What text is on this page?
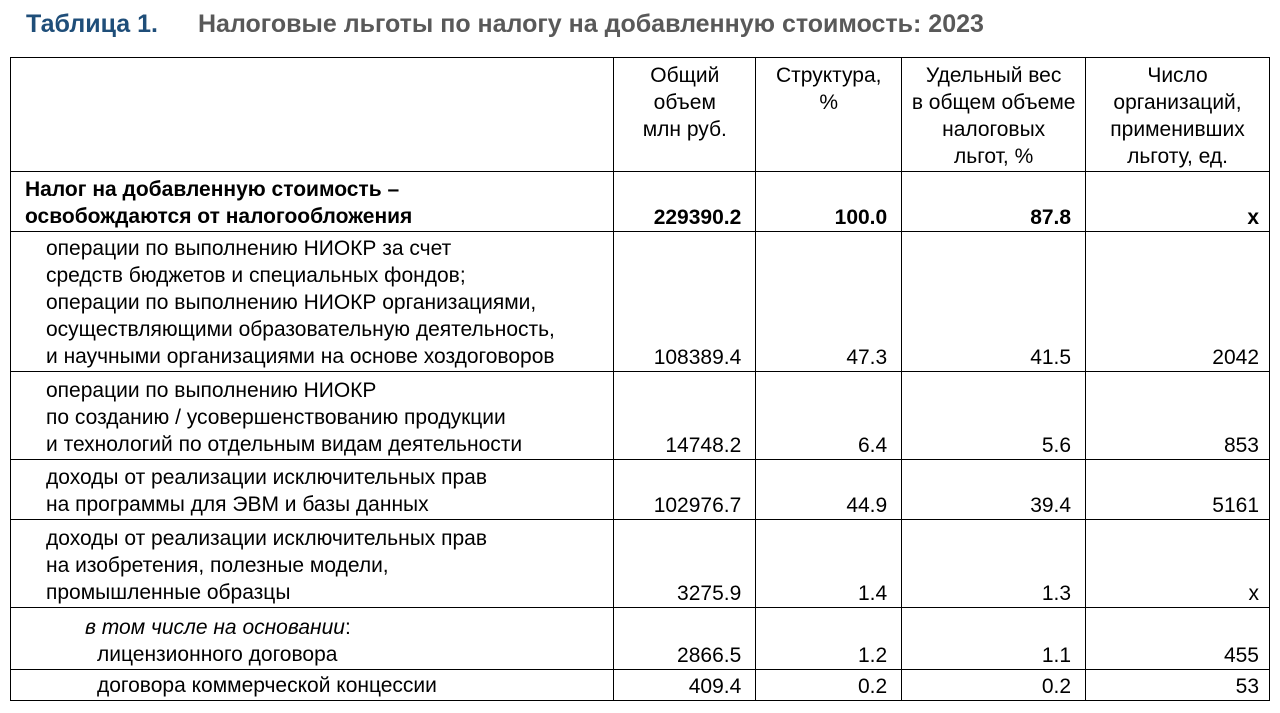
Таблица 1. Налоговые льготы по налогу на добавленную стоимость: 2023

	Общий
объем
млн руб.	Структура,
%	Удельный вес
в общем объеме
налоговых
льгот, %	Число
организаций,
применивших
льготу, ед.

Налог на добавленную стоимость –
освобождаются от налогообложения	229390.2	100.0	87.8	х

операции по выполнению НИОКР за счет
средств бюджетов и специальных фондов;
операции по выполнению НИОКР организациями,
осуществляющими образовательную деятельность,
и научными организациями на основе хоздоговоров	108389.4	47.3	41.5	2042

операции по выполнению НИОКР
по созданию / усовершенствованию продукции
и технологий по отдельным видам деятельности	14748.2	6.4	5.6	853

доходы от реализации исключительных прав
на программы для ЭВМ и базы данных	102976.7	44.9	39.4	5161

доходы от реализации исключительных прав
на изобретения, полезные модели,
промышленные образцы	3275.9	1.4	1.3	х

в том числе на основании:
лицензионного договора	2866.5	1.2	1.1	455

договора коммерческой концессии	409.4	0.2	0.2	53
